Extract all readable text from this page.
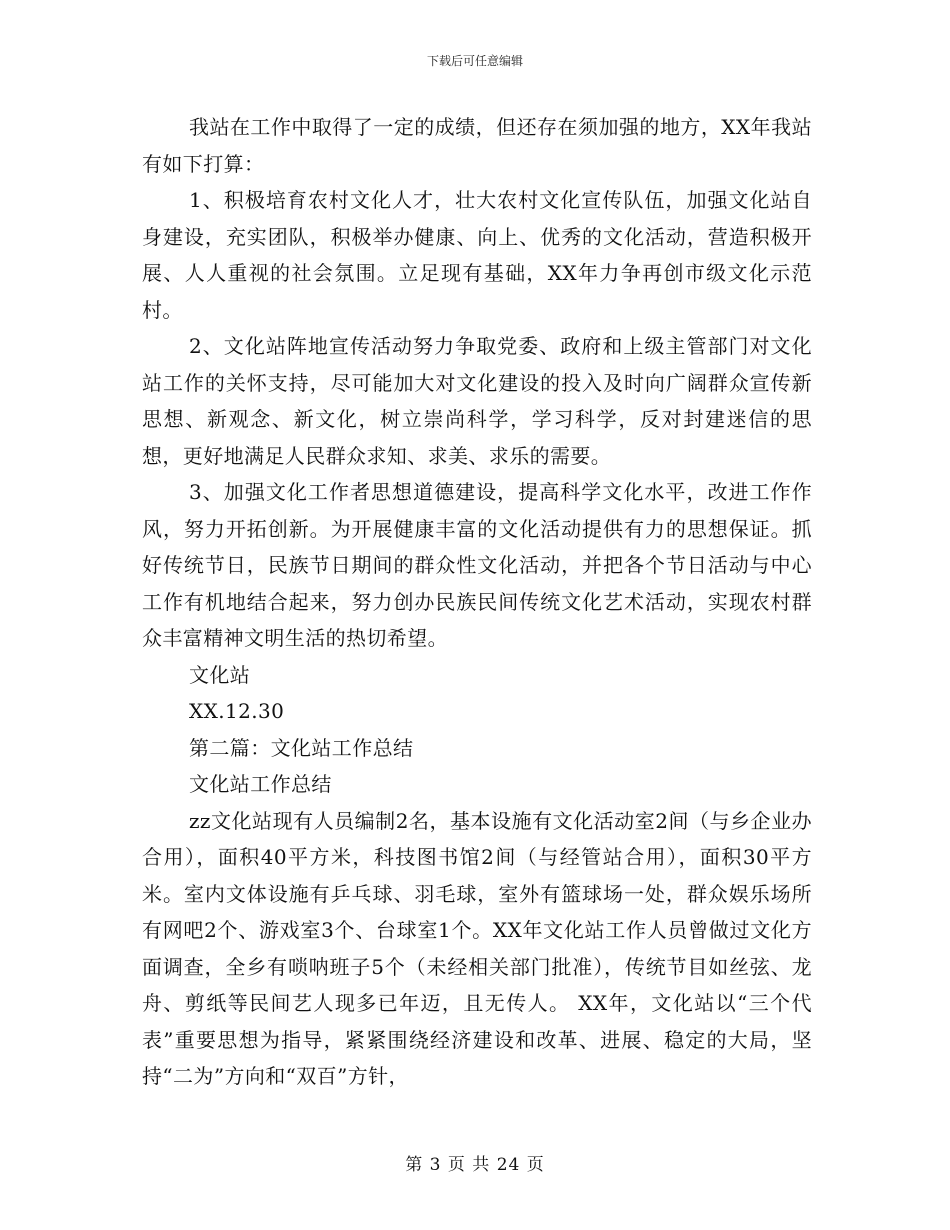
下载后可任意编辑

我站在工作中取得了一定的成绩，但还存在须加强的地方，XX年我站有如下打算：

1、积极培育农村文化人才，壮大农村文化宣传队伍，加强文化站自身建设，充实团队，积极举办健康、向上、优秀的文化活动，营造积极开展、人人重视的社会氛围。立足现有基础，XX年力争再创市级文化示范村。

2、文化站阵地宣传活动努力争取党委、政府和上级主管部门对文化站工作的关怀支持，尽可能加大对文化建设的投入及时向广阔群众宣传新思想、新观念、新文化，树立崇尚科学，学习科学，反对封建迷信的思想，更好地满足人民群众求知、求美、求乐的需要。

3、加强文化工作者思想道德建设，提高科学文化水平，改进工作作风，努力开拓创新。为开展健康丰富的文化活动提供有力的思想保证。抓好传统节日，民族节日期间的群众性文化活动，并把各个节日活动与中心工作有机地结合起来，努力创办民族民间传统文化艺术活动，实现农村群众丰富精神文明生活的热切希望。

文化站

XX.12.30

第二篇：文化站工作总结

文化站工作总结

zz文化站现有人员编制2名，基本设施有文化活动室2间（与乡企业办合用），面积40平方米，科技图书馆2间（与经管站合用），面积30平方米。室内文体设施有乒乓球、羽毛球，室外有篮球场一处，群众娱乐场所有网吧2个、游戏室3个、台球室1个。XX年文化站工作人员曾做过文化方面调查，全乡有唢呐班子5个（未经相关部门批准），传统节目如丝弦、龙舟、剪纸等民间艺人现多已年迈，且无传人。 XX年，文化站以“三个代表”重要思想为指导，紧紧围绕经济建设和改革、进展、稳定的大局，坚持“二为”方向和“双百”方针，

第 3 页 共 24 页
